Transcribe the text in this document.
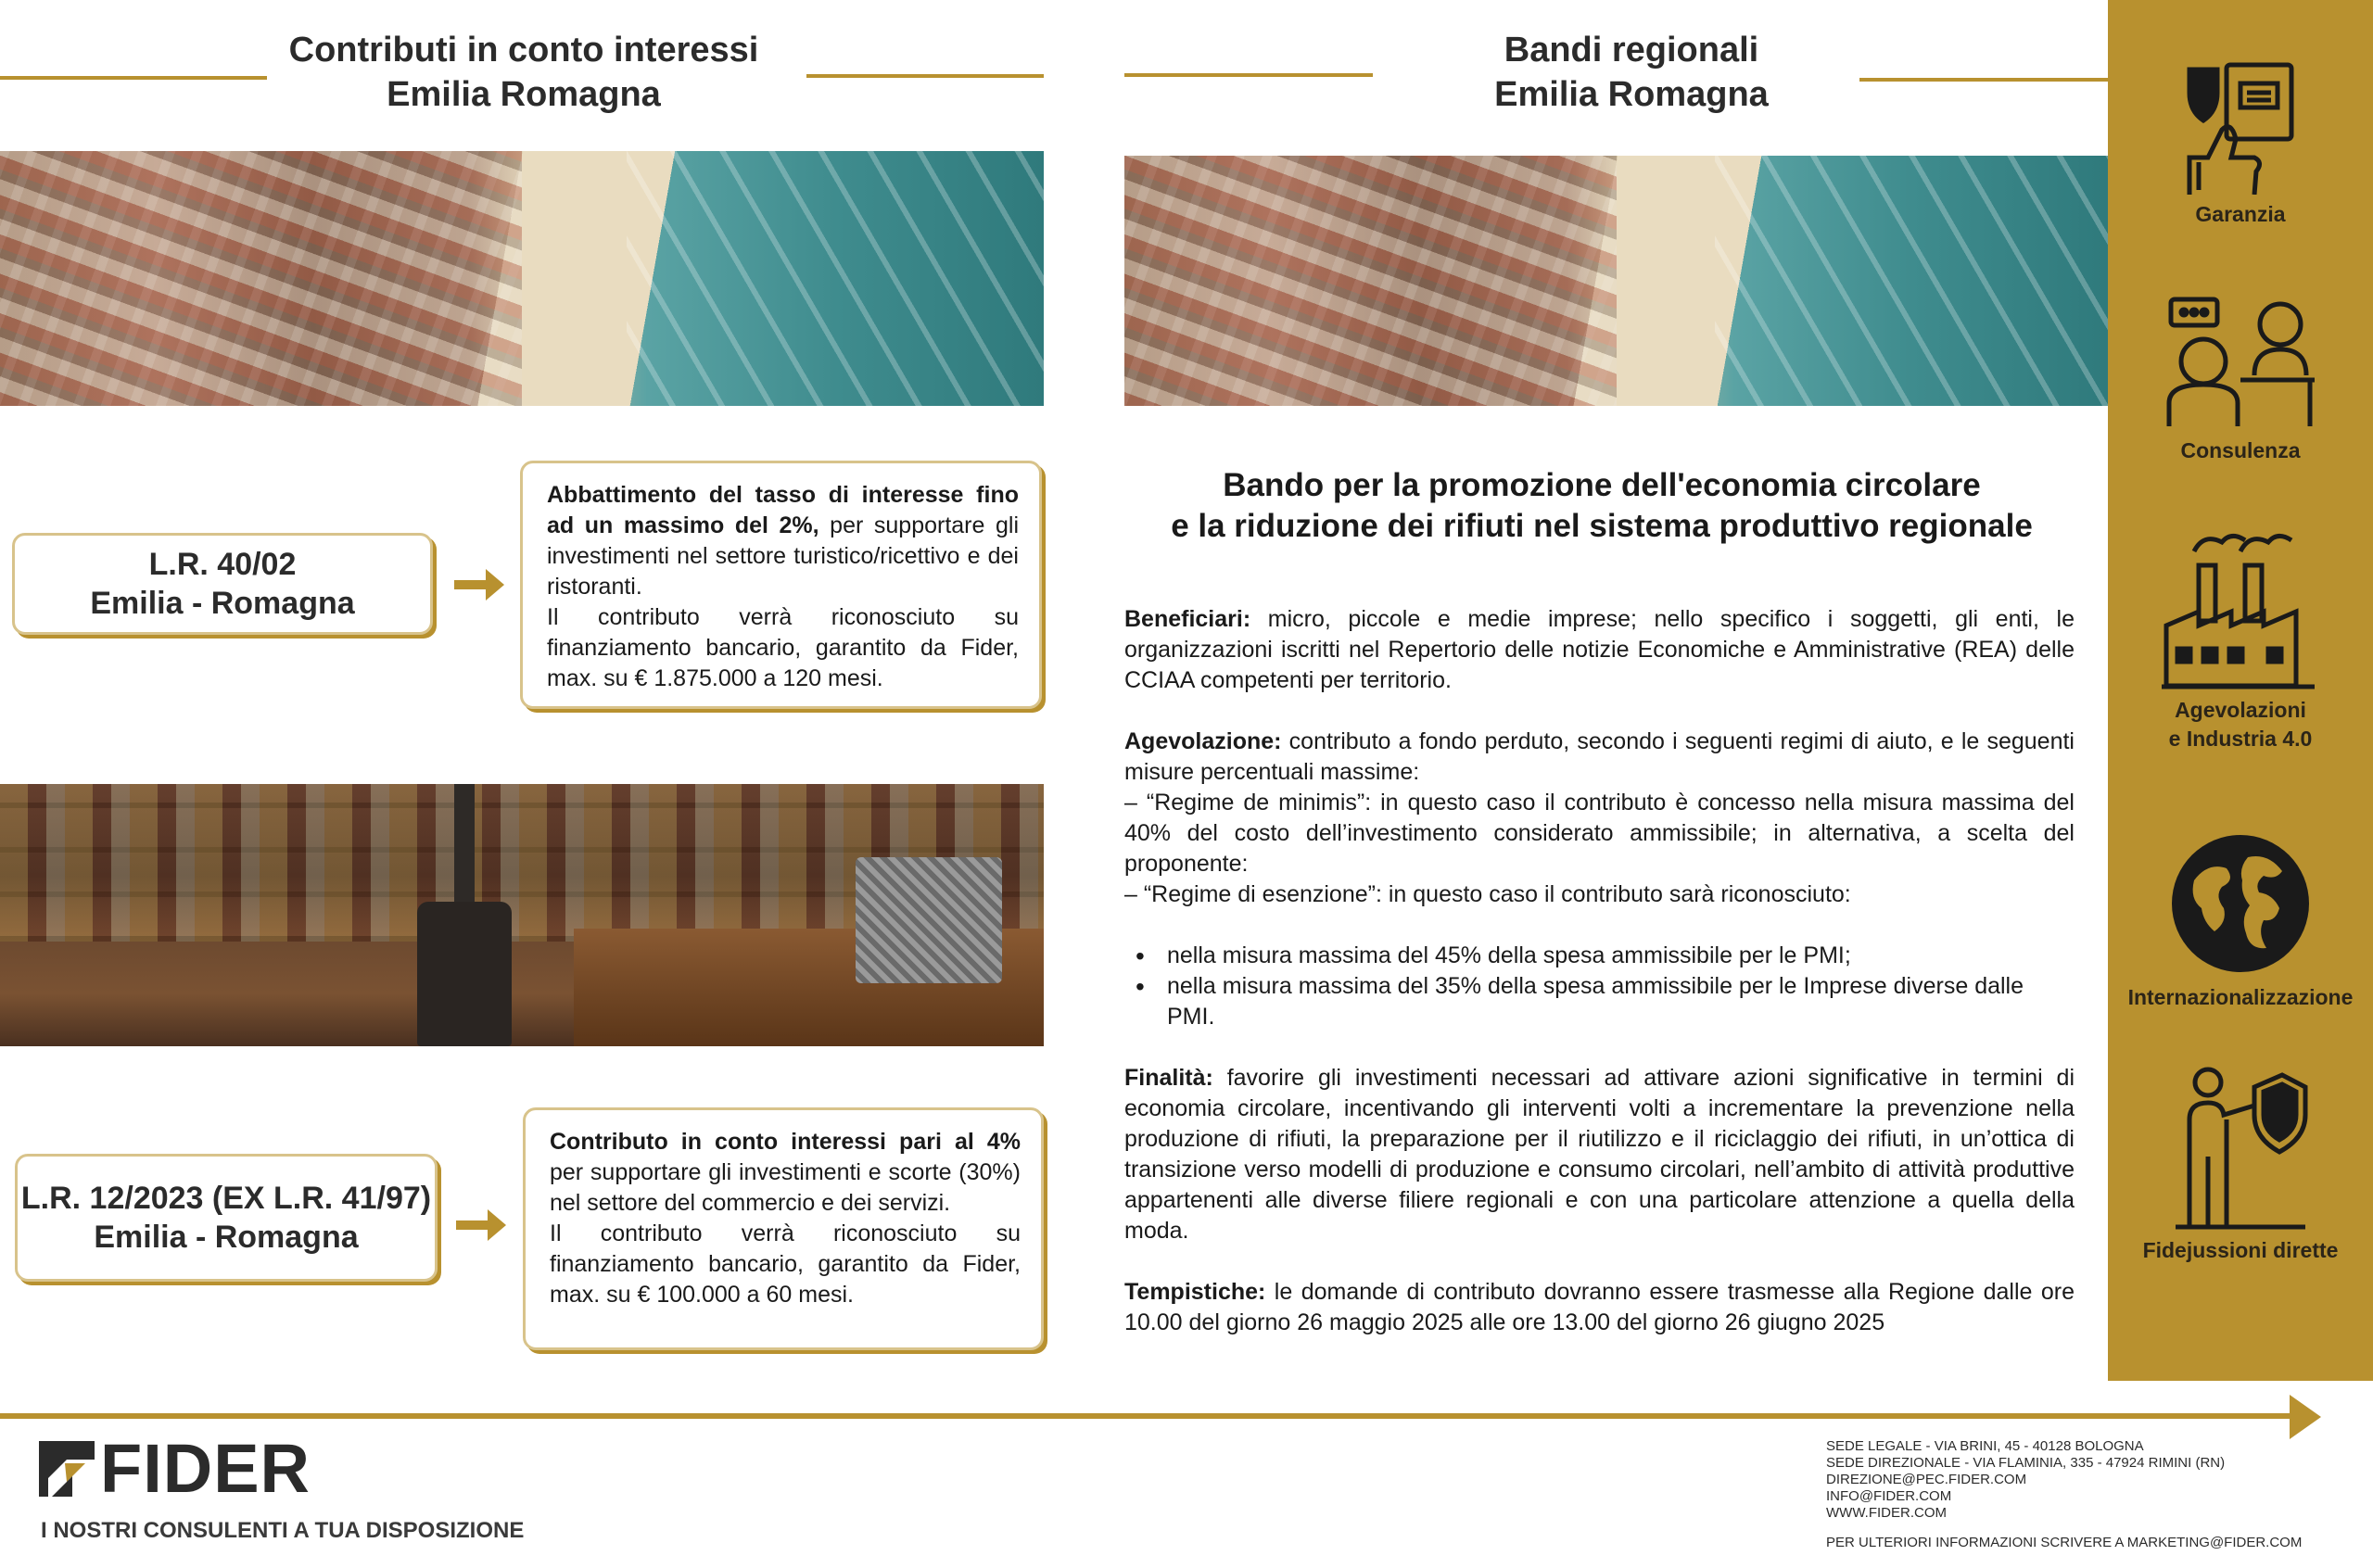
Contributi in conto interessi
Emilia Romagna
Bandi regionali
Emilia Romagna
L.R. 40/02
Emilia - Romagna

Abbattimento del tasso di interesse fino ad un massimo del 2%, per supportare gli investimenti nel settore turistico/ricettivo e dei ristoranti.

Il contributo verrà riconosciuto su finanziamento bancario, garantito da Fider, max. su € 1.875.000 a 120 mesi.

L.R. 12/2023 (EX L.R. 41/97)
Emilia - Romagna

Contributo in conto interessi pari al 4% per supportare gli investimenti e scorte (30%) nel settore del commercio e dei servizi.

Il contributo verrà riconosciuto su finanziamento bancario, garantito da Fider, max. su € 100.000 a 60 mesi.

Bando per la promozione dell'economia circolare
e la riduzione dei rifiuti nel sistema produttivo regionale

Beneficiari: micro, piccole e medie imprese; nello specifico i soggetti, gli enti, le organizzazioni iscritti nel Repertorio delle notizie Economiche e Amministrative (REA) delle CCIAA competenti per territorio.

Agevolazione: contributo a fondo perduto, secondo i seguenti regimi di aiuto, e le seguenti misure percentuali massime:
– “Regime de minimis”: in questo caso il contributo è concesso nella misura massima del 40% del costo dell’investimento considerato ammissibile; in alternativa, a scelta del proponente:
– “Regime di esenzione”: in questo caso il contributo sarà riconosciuto:

• nella misura massima del 45% della spesa ammissibile per le PMI;
• nella misura massima del 35% della spesa ammissibile per le Imprese diverse dalle PMI.

Finalità: favorire gli investimenti necessari ad attivare azioni significative in termini di economia circolare, incentivando gli interventi volti a incrementare la prevenzione nella produzione di rifiuti, la preparazione per il riutilizzo e il riciclaggio dei rifiuti, in un’ottica di transizione verso modelli di produzione e consumo circolari, nell’ambito di attività produttive appartenenti alle diverse filiere regionali e con una particolare attenzione a quella della moda.

Tempistiche: le domande di contributo dovranno essere trasmesse alla Regione dalle ore 10.00 del giorno 26 maggio 2025 alle ore 13.00 del giorno 26 giugno 2025

Garanzia
Consulenza
Agevolazioni
e Industria 4.0
Internazionalizzazione
Fidejussioni dirette
FIDER
I NOSTRI CONSULENTI A TUA DISPOSIZIONE
SEDE LEGALE - VIA BRINI, 45 - 40128 BOLOGNA
SEDE DIREZIONALE - VIA FLAMINIA, 335 - 47924 RIMINI (RN)
DIREZIONE@PEC.FIDER.COM
INFO@FIDER.COM
WWW.FIDER.COM
PER ULTERIORI INFORMAZIONI SCRIVERE A MARKETING@FIDER.COM
